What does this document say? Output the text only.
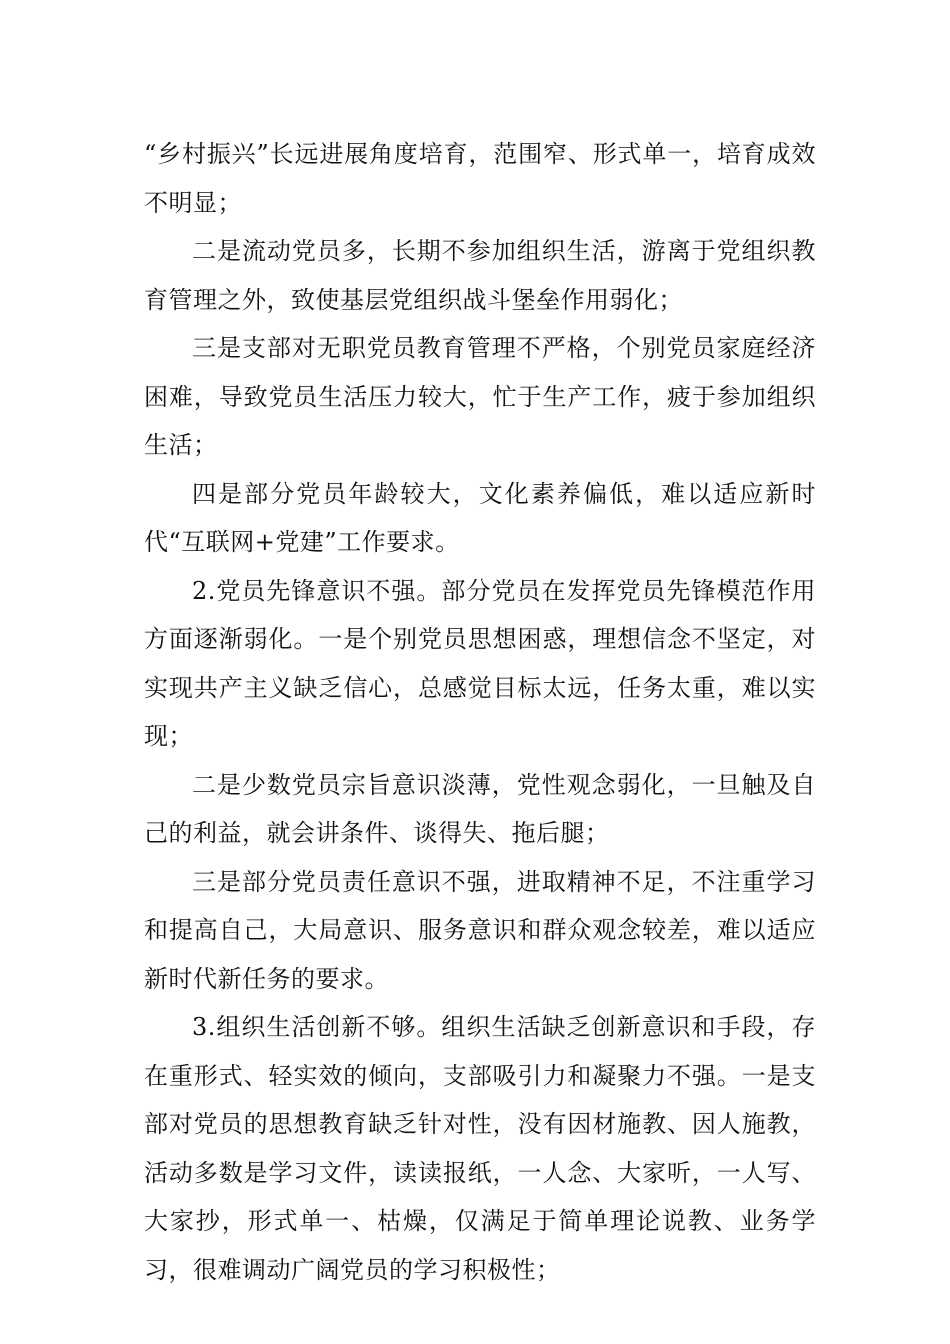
“乡村振兴”长远进展角度培育，范围窄、形式单一，培育成效不明显；

二是流动党员多，长期不参加组织生活，游离于党组织教育管理之外，致使基层党组织战斗堡垒作用弱化；

三是支部对无职党员教育管理不严格，个别党员家庭经济困难，导致党员生活压力较大，忙于生产工作，疲于参加组织生活；

四是部分党员年龄较大，文化素养偏低，难以适应新时代“互联网+党建”工作要求。

2.党员先锋意识不强。部分党员在发挥党员先锋模范作用方面逐渐弱化。一是个别党员思想困惑，理想信念不坚定，对实现共产主义缺乏信心，总感觉目标太远，任务太重，难以实现；

二是少数党员宗旨意识淡薄，党性观念弱化，一旦触及自己的利益，就会讲条件、谈得失、拖后腿；

三是部分党员责任意识不强，进取精神不足，不注重学习和提高自己，大局意识、服务意识和群众观念较差，难以适应新时代新任务的要求。

3.组织生活创新不够。组织生活缺乏创新意识和手段，存在重形式、轻实效的倾向，支部吸引力和凝聚力不强。一是支部对党员的思想教育缺乏针对性，没有因材施教、因人施教，活动多数是学习文件，读读报纸，一人念、大家听，一人写、大家抄，形式单一、枯燥，仅满足于简单理论说教、业务学习，很难调动广阔党员的学习积极性；
